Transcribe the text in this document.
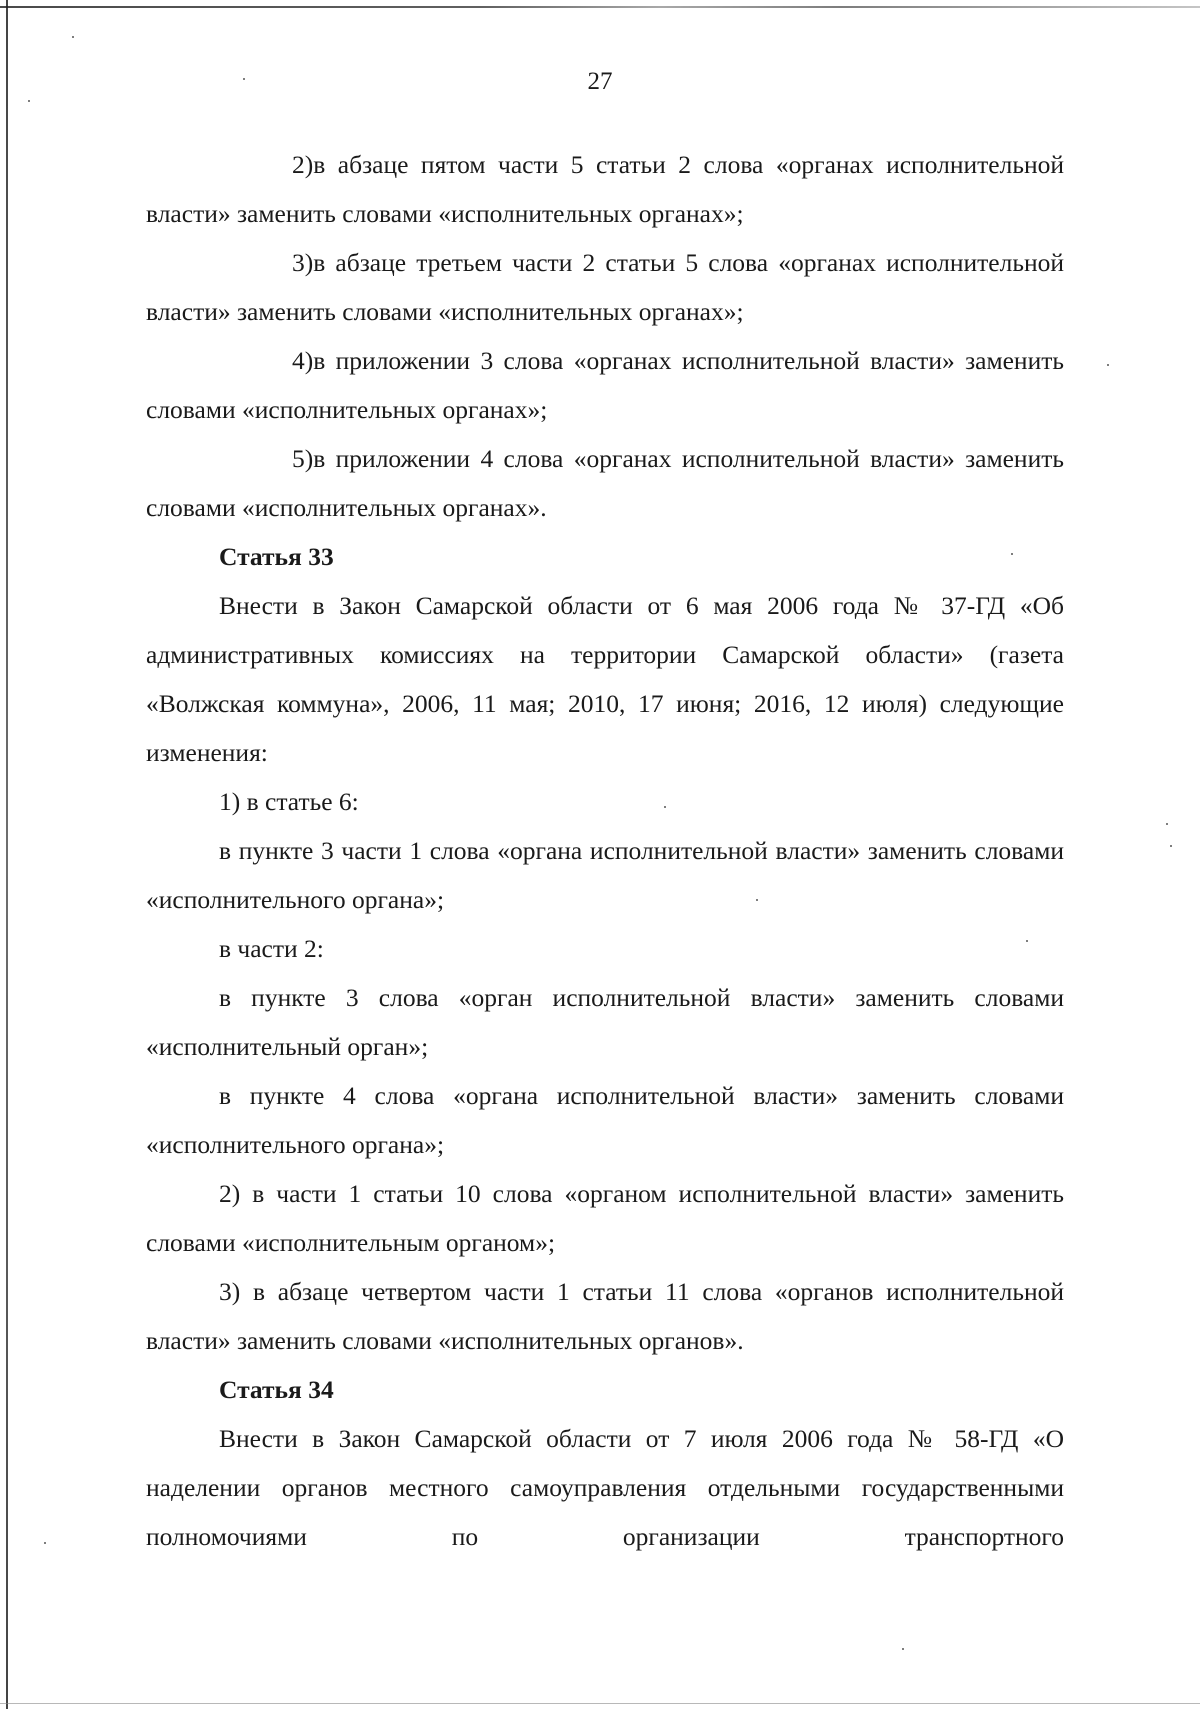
27

2)в абзаце пятом части 5 статьи 2 слова «органах исполнительной власти» заменить словами «исполнительных органах»;

3)в абзаце третьем части 2 статьи 5 слова «органах исполнительной власти» заменить словами «исполнительных органах»;

4)в приложении 3 слова «органах исполнительной власти» заменить словами «исполнительных органах»;

5)в приложении 4 слова «органах исполнительной власти» заменить словами «исполнительных органах».

Статья 33

Внести в Закон Самарской области от 6 мая 2006 года № 37-ГД «Об административных комиссиях на территории Самарской области» (газета «Волжская коммуна», 2006, 11 мая; 2010, 17 июня; 2016, 12 июля) следующие изменения:

1) в статье 6:

в пункте 3 части 1 слова «органа исполнительной власти» заменить словами «исполнительного органа»;

в части 2:

в пункте 3 слова «орган исполнительной власти» заменить словами «исполнительный орган»;

в пункте 4 слова «органа исполнительной власти» заменить словами «исполнительного органа»;

2) в части 1 статьи 10 слова «органом исполнительной власти» заменить словами «исполнительным органом»;

3) в абзаце четвертом части 1 статьи 11 слова «органов исполнительной власти» заменить словами «исполнительных органов».

Статья 34

Внести в Закон Самарской области от 7 июля 2006 года № 58-ГД «О наделении органов местного самоуправления отдельными государственными полномочиями по организации транспортного
